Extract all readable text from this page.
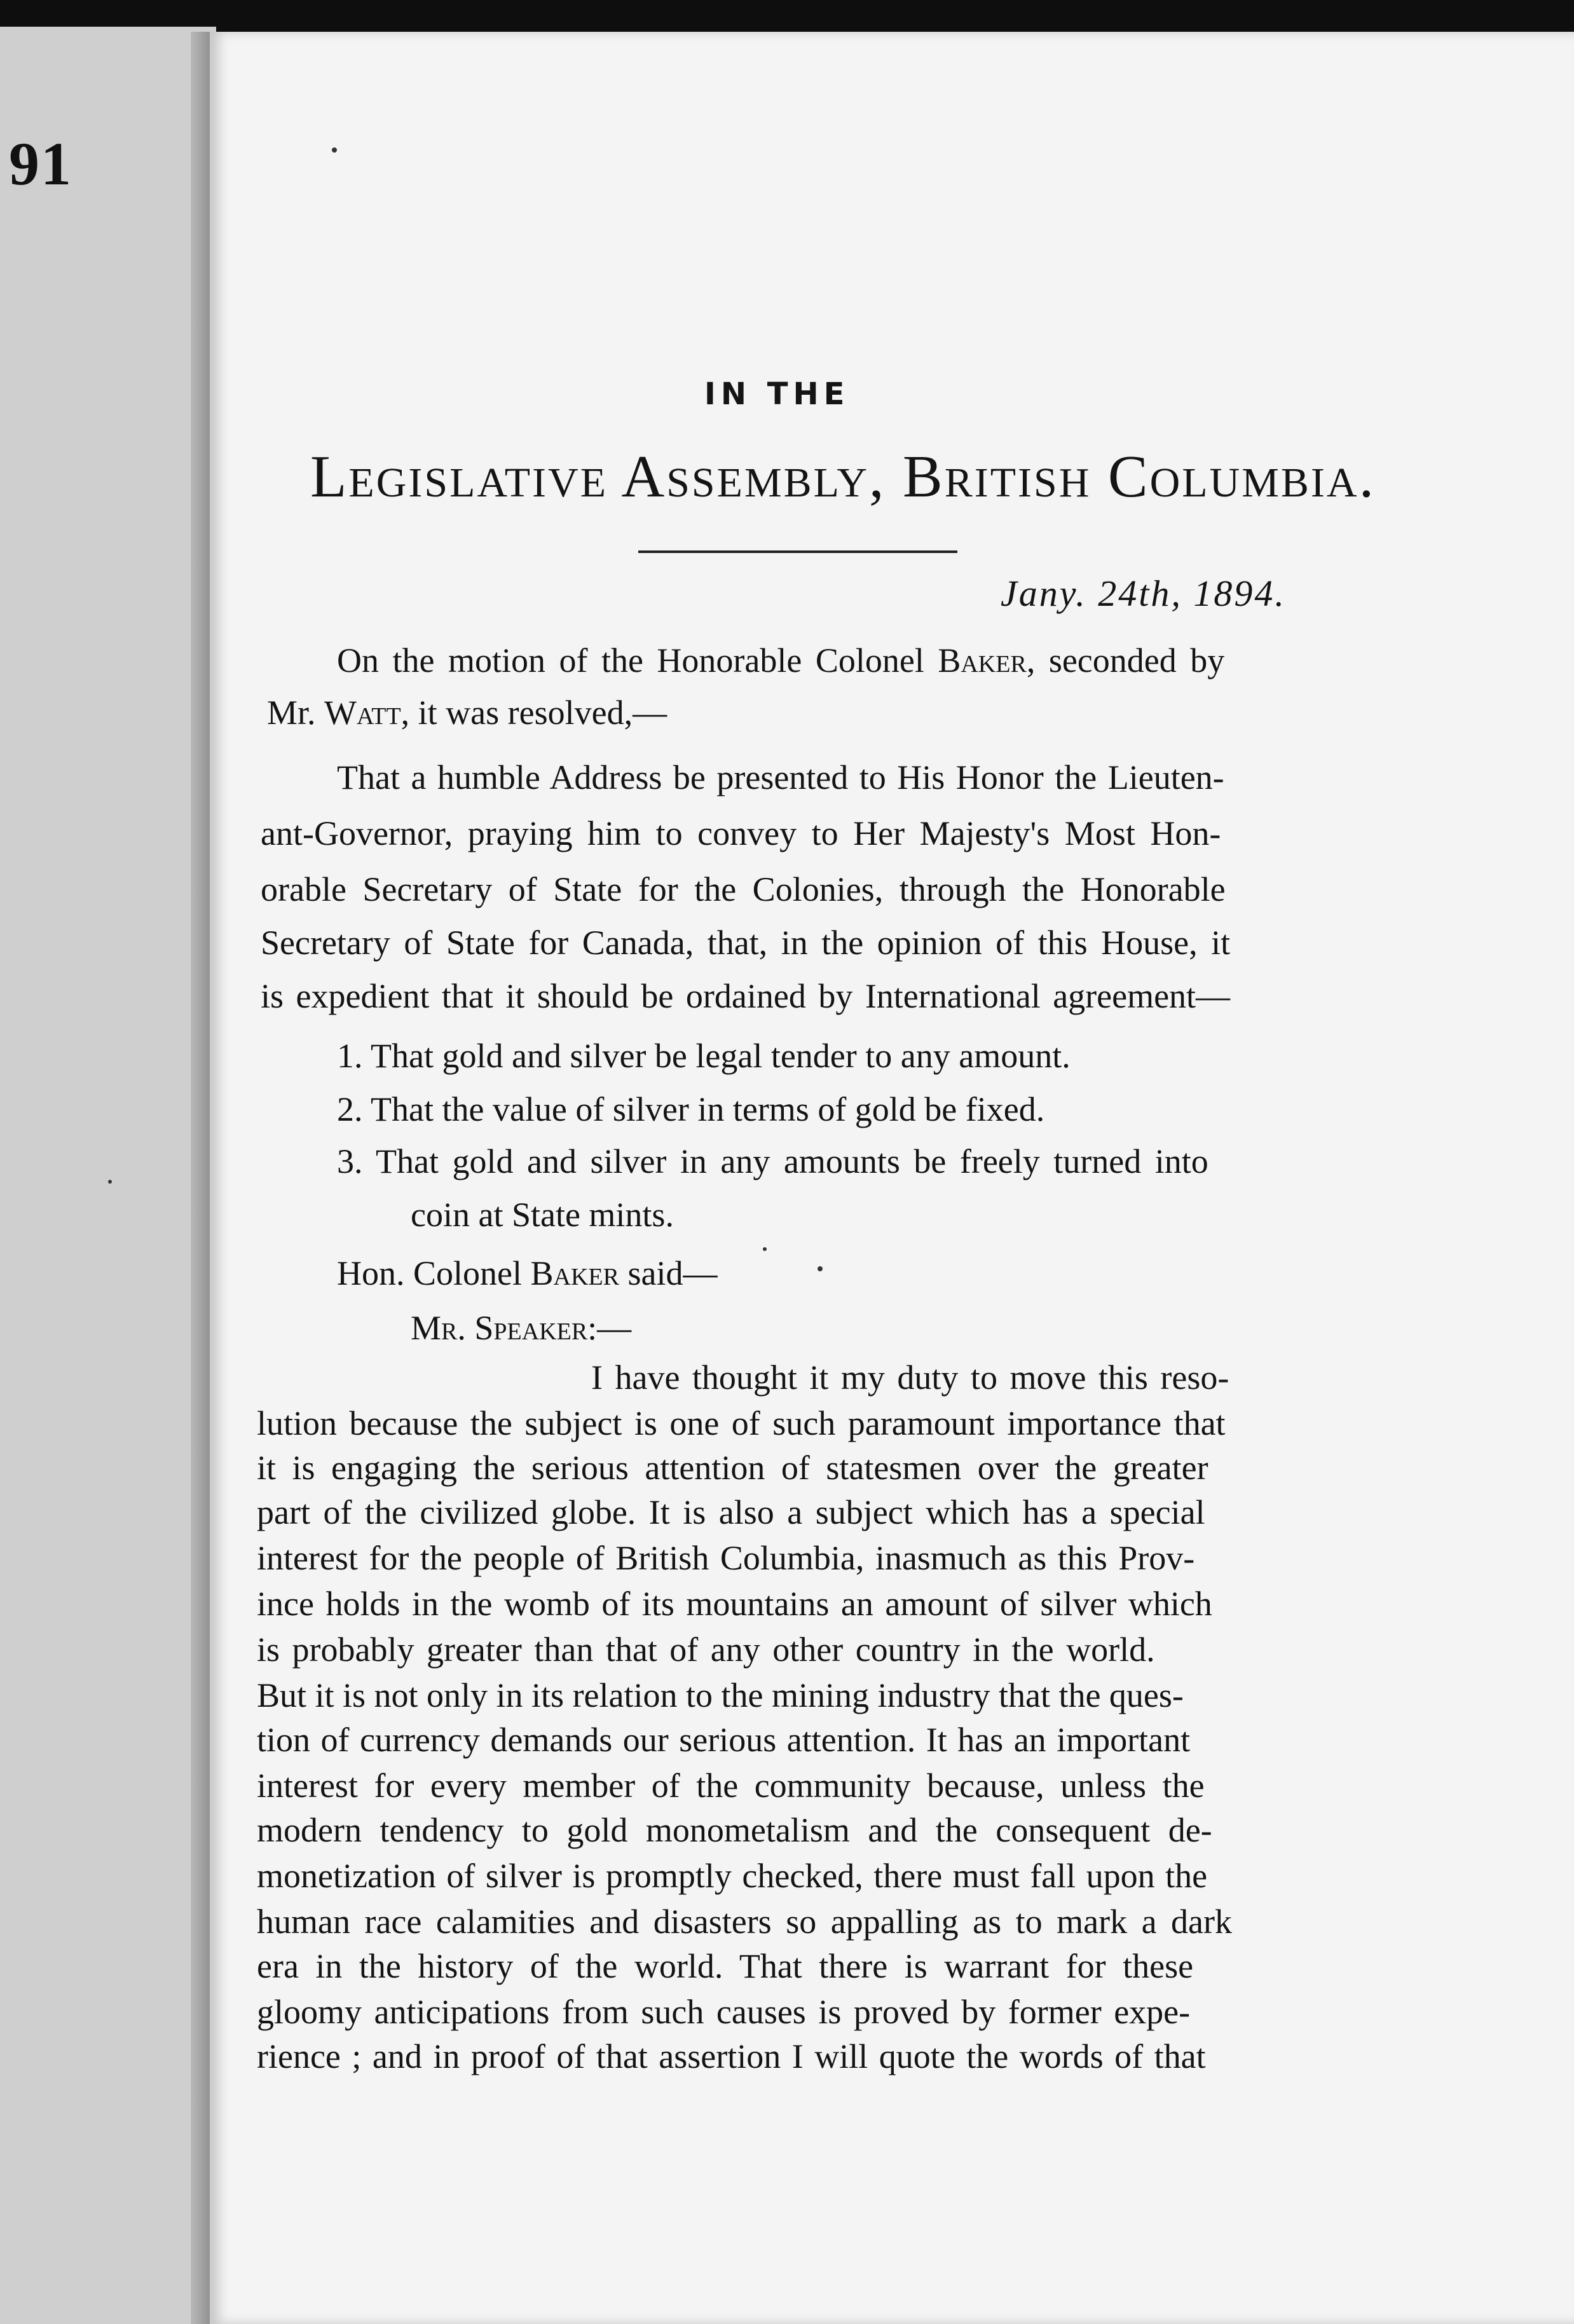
91
IN THE
Legislative Assembly, British Columbia.
Jany. 24th, 1894.
On the motion of the Honorable Colonel Baker, seconded by
Mr. Watt, it was resolved,—
That a humble Address be presented to His Honor the Lieuten-
ant-Governor, praying him to convey to Her Majesty's Most Hon-
orable Secretary of State for the Colonies, through the Honorable
Secretary of State for Canada, that, in the opinion of this House, it
is expedient that it should be ordained by International agreement—
1. That gold and silver be legal tender to any amount.
2. That the value of silver in terms of gold be fixed.
3. That gold and silver in any amounts be freely turned into
coin at State mints.
Hon. Colonel Baker said—
Mr. Speaker:—
I have thought it my duty to move this reso-
lution because the subject is one of such paramount importance that
it is engaging the serious attention of statesmen over the greater
part of the civilized globe. It is also a subject which has a special
interest for the people of British Columbia, inasmuch as this Prov-
ince holds in the womb of its mountains an amount of silver which
is probably greater than that of any other country in the world.
But it is not only in its relation to the mining industry that the ques-
tion of currency demands our serious attention. It has an important
interest for every member of the community because, unless the
modern tendency to gold monometalism and the consequent de-
monetization of silver is promptly checked, there must fall upon the
human race calamities and disasters so appalling as to mark a dark
era in the history of the world. That there is warrant for these
gloomy anticipations from such causes is proved by former expe-
rience ; and in proof of that assertion I will quote the words of that
